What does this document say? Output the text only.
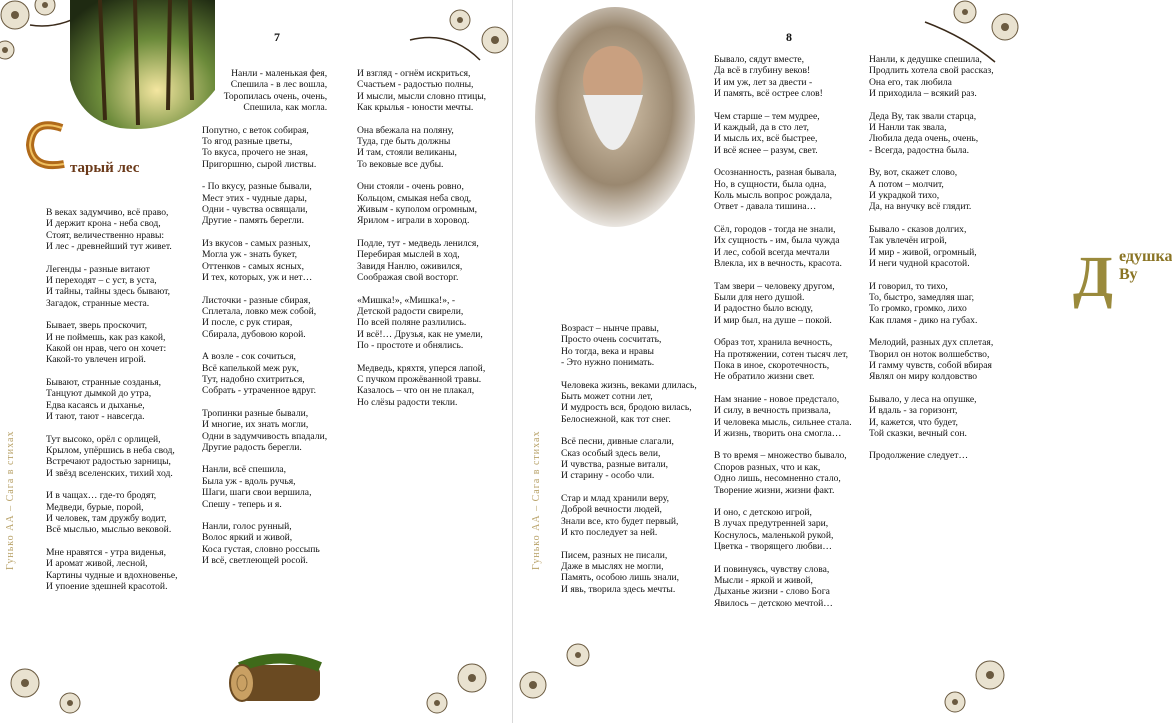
тарый лес
7

В веках задумчиво, всё право,
И держит крона - неба свод,
Стоят, величественно нравы:
И лес - древнейший тут живет.

Легенды - разные витают
И переходят – с уст, в уста,
И тайны, тайны здесь бывают,
Загадок, странные места.

Бывает, зверь проскочит,
И не поймешь, как раз какой,
Какой он нрав, чего он хочет:
Какой-то увлечен игрой.

Бывают, странные созданья,
Танцуют дымкой до утра,
Едва касаясь и дыханье,
И тают, тают - навсегда.

Тут высоко, орёл с орлицей,
Крылом, упёршись в неба свод,
Встречают радостью зарницы,
И звёзд вселенских, тихий ход.

И в чащах… где-то бродят,
Медведи, бурые, порой,
И человек, там дружбу водит,
Всё мыслью, мыслью вековой.

Мне нравятся - утра виденья,
И аромат живой, лесной,
Картины чудные и вдохновенье,
И упоение здешней красотой.

Нанли - маленькая фея,
Спешила - в лес вошла,
Торопилась очень, очень,
Спешила, как могла.

Попутно, с веток собирая,
То ягод разные цветы,
То вкуса, прочего не зная,
Пригоршню, сырой листвы.

- По вкусу, разные бывали,
Мест этих - чудные дары,
Одни - чувства освящали,
Другие - память берегли.

Из вкусов - самых разных,
Могла уж - знать букет,
Оттенков - самых ясных,
И тех, которых, уж и нет…

Листочки - разные сбирая,
Сплетала, ловко меж собой,
И после, с рук стирая,
Сбирала, дубовою корой.

А возле - сок сочиться,
Всё капелькой меж рук,
Тут, надобно схитриться,
Собрать - утраченное вдруг.

Тропинки разные бывали,
И многие, их знать могли,
Одни в задумчивость впадали,
Другие радость берегли.

Нанли, всё спешила,
Была уж - вдоль ручья,
Шаги, шаги свои вершила,
Спешу - теперь и я.

Нанли, голос рунный,
Волос яркий и живой,
Коса густая, словно россыпь
И всё, светлеющей росой.

И взгляд - огнём искриться,
Счастьем - радостью полны,
И мысли, мысли словно птицы,
Как крылья - юности мечты.

Она вбежала на поляну,
Туда, где быть должны
И там, стояли великаны,
То вековые все дубы.

Они стояли - очень ровно,
Кольцом, смыкая неба свод,
Живым - куполом огромным,
Ярилом - играли в хоровод.

Подле, тут - медведь ленился,
Перебирая мыслей в ход,
Завидя Нанлю, оживился,
Соображая свой восторг.

«Мишка!», «Мишка!», -
Детской радости свирели,
По всей поляне разлились.
И всё!… Друзья, как не умели,
По - простоте и обнялись.

Медведь, кряхтя, уперся лапой,
С пучком прожёванной травы.
Казалось – что он не плакал,
Но слёзы радости текли.

Гунько АА – Сага в стихах
Д едушка Ву
8

Возраст – нынче правы,
Просто очень сосчитать,
Но тогда, века и нравы
- Это нужно понимать.

Человека жизнь, веками длилась,
Быть может сотни лет,
И мудрость вся, бродою вилась,
Белоснежной, как тот снег.

Всё песни, дивные слагали,
Сказ особый здесь вели,
И чувства, разные витали,
И старину - особо чли.

Стар и млад хранили веру,
Доброй вечности людей,
Знали все, кто будет первый,
И кто последует за ней.

Писем, разных не писали,
Даже в мыслях не могли,
Память, особою лишь знали,
И явь, творила здесь мечты.

Бывало, сядут вместе,
Да всё в глубину веков!
И им уж, лет за двести -
И память, всё острее слов!

Чем старше – тем мудрее,
И каждый, да в сто лет,
И мысль их, всё быстрее,
И всё яснее – разум, свет.

Осознанность, разная бывала,
Но, в сущности, была одна,
Коль мысль вопрос рождала,
Ответ - давала тишина…

Сёл, городов - тогда не знали,
Их сущность - им, была чужда
И лес, собой всегда мечтали
Влекла, их в вечность, красота.

Там звери – человеку другом,
Были для него душой.
И радостно было всюду,
И мир был, на душе – покой.

Образ тот, хранила вечность,
На протяжении, сотен тысяч лет,
Пока в иное, скоротечность,
Не обратило жизни свет.

Нам знание - новое предстало,
И силу, в вечность призвала,
И человека мысль, сильнее стала.
И жизнь, творить она смогла…

В то время – множество бывало,
Споров разных, что и как,
Одно лишь, несомненно стало,
Творение жизни, жизни факт.

И оно, с детскою игрой,
В лучах предутренней зари,
Коснулось, маленькой рукой,
Цветка - творящего любви…

И повинуясь, чувству слова,
Мысли - яркой и живой,
Дыханье жизни - слово Бога
Явилось – детскою мечтой…

Нанли, к дедушке спешила,
Продлить хотела свой рассказ,
Она его, так любила
И приходила – всякий раз.

Деда Ву, так звали старца,
И Нанли так звала,
Любила деда очень, очень,
- Всегда, радостна была.

Ву, вот, скажет слово,
А потом – молчит,
И украдкой тихо,
Да, на внучку всё глядит.

Бывало - сказов долгих,
Так увлечён игрой,
И мир - живой, огромный,
И неги чудной красотой.

И говорил, то тихо,
То, быстро, замедляя шаг,
То громко, громко, лихо
Как пламя - дико на губах.

Мелодий, разных дух сплетая,
Творил он ноток волшебство,
И гамму чувств, собой вбирая
Являл он миру колдовство

Бывало, у леса на опушке,
И вдаль - за горизонт,
И, кажется, что будет,
Той сказки, вечный сон.

Продолжение следует…

Гунько АА – Сага в стихах
